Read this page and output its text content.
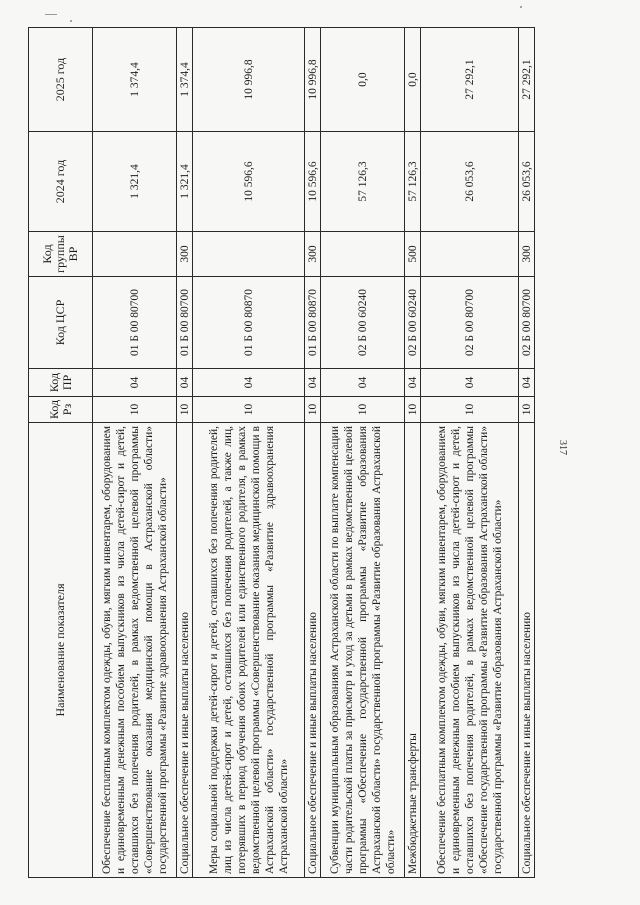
317
Наименование показателя	Код Рз	Код ПР	Код ЦСР	Код группы ВР	2024 год	2025 год
Обеспечение бесплатным комплектом одежды, обуви, мягким инвентарем, оборудованием и единовременным денежным пособием выпускников из числа детей-сирот и детей, оставшихся без попечения родителей, в рамках ведомственной целевой программы «Совершенствование оказания медицинской помощи в Астраханской области» государственной программы «Развитие здравоохранения Астраханской области»	10	04	01 Б 00 80700		1 321,4	1 374,4
Социальное обеспечение и иные выплаты населению	10	04	01 Б 00 80700	300	1 321,4	1 374,4
Меры социальной поддержки детей-сирот и детей, оставшихся без попечения родителей, лиц из числа детей-сирот и детей, оставшихся без попечения родителей, а также лиц, потерявших в период обучения обоих родителей или единственного родителя, в рамках ведомственной целевой программы «Совершенствование оказания медицинской помощи в Астраханской области» государственной программы «Развитие здравоохранения Астраханской области»	10	04	01 Б 00 80870		10 596,6	10 996,8
Социальное обеспечение и иные выплаты населению	10	04	01 Б 00 80870	300	10 596,6	10 996,8
Субвенции муниципальным образованиям Астраханской области по выплате компенсации части родительской платы за присмотр и уход за детьми в рамках ведомственной целевой программы «Обеспечение государственной программы «Развитие образования Астраханской области» государственной программы «Развитие образования Астраханской области»	10	04	02 Б 00 60240		57 126,3	0,0
Межбюджетные трансферты	10	04	02 Б 00 60240	500	57 126,3	0,0
Обеспечение бесплатным комплектом одежды, обуви, мягким инвентарем, оборудованием и единовременным денежным пособием выпускников из числа детей-сирот и детей, оставшихся без попечения родителей, в рамках ведомственной целевой программы «Обеспечение государственной программы «Развитие образования Астраханской области» государственной программы «Развитие образования Астраханской области»	10	04	02 Б 00 80700		26 053,6	27 292,1
Социальное обеспечение и иные выплаты населению	10	04	02 Б 00 80700	300	26 053,6	27 292,1
